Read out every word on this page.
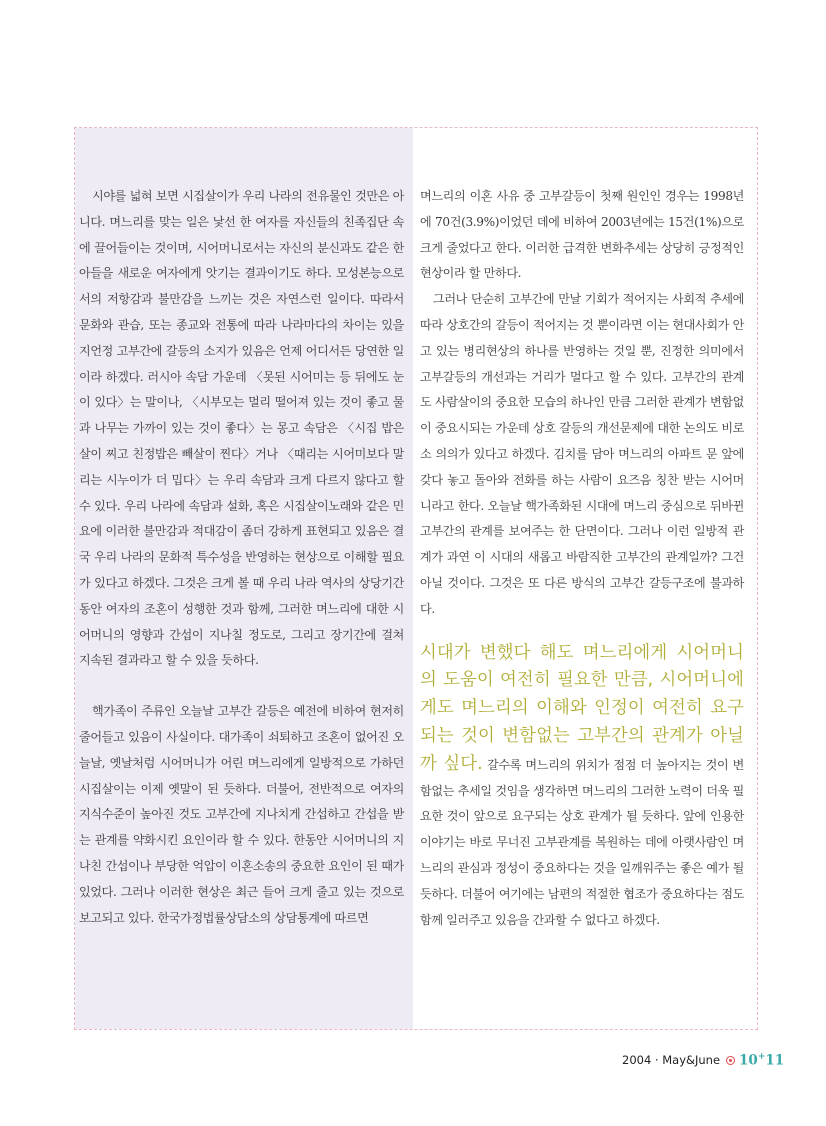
시야를 넓혀 보면 시집살이가 우리 나라의 전유물인 것만은 아니다. 며느리를 맞는 일은 낯선 한 여자를 자신들의 친족집단 속에 끌어들이는 것이며, 시어머니로서는 자신의 분신과도 같은 한 아들을 새로운 여자에게 앗기는 결과이기도 하다. 모성본능으로서의 저항감과 불만감을 느끼는 것은 자연스런 일이다. 따라서 문화와 관습, 또는 종교와 전통에 따라 나라마다의 차이는 있을지언정 고부간에 갈등의 소지가 있음은 언제 어디서든 당연한 일이라 하겠다. 러시아 속담 가운데 〈못된 시어미는 등 뒤에도 눈이 있다〉는 말이나, 〈시부모는 멀리 떨어져 있는 것이 좋고 물과 나무는 가까이 있는 것이 좋다〉는 몽고 속담은 〈시집 밥은 살이 찌고 친정밥은 빼살이 찐다〉거나 〈때리는 시어미보다 말리는 시누이가 더 밉다〉는 우리 속담과 크게 다르지 않다고 할 수 있다. 우리 나라에 속담과 설화, 혹은 시집살이노래와 같은 민요에 이러한 불만감과 적대감이 좀더 강하게 표현되고 있음은 결국 우리 나라의 문화적 특수성을 반영하는 현상으로 이해할 필요가 있다고 하겠다. 그것은 크게 볼 때 우리 나라 역사의 상당기간 동안 여자의 조혼이 성행한 것과 함께, 그러한 며느리에 대한 시어머니의 영향과 간섭이 지나칠 정도로, 그리고 장기간에 걸쳐 지속된 결과라고 할 수 있을 듯하다.

핵가족이 주류인 오늘날 고부간 갈등은 예전에 비하여 현저히 줄어들고 있음이 사실이다. 대가족이 쇠퇴하고 조혼이 없어진 오늘날, 옛날처럼 시어머니가 어린 며느리에게 일방적으로 가하던 시집살이는 이제 옛말이 된 듯하다. 더불어, 전반적으로 여자의 지식수준이 높아진 것도 고부간에 지나치게 간섭하고 간섭을 받는 관계를 약화시킨 요인이라 할 수 있다. 한동안 시어머니의 지나친 간섭이나 부당한 억압이 이혼소송의 중요한 요인이 된 때가 있었다. 그러나 이러한 현상은 최근 들어 크게 줄고 있는 것으로 보고되고 있다. 한국가정법률상담소의 상담통계에 따르면

며느리의 이혼 사유 중 고부갈등이 첫째 원인인 경우는 1998년에 70건(3.9%)이었던 데에 비하여 2003년에는 15건(1%)으로 크게 줄었다고 한다. 이러한 급격한 변화추세는 상당히 긍정적인 현상이라 할 만하다.

그러나 단순히 고부간에 만날 기회가 적어지는 사회적 추세에 따라 상호간의 갈등이 적어지는 것 뿐이라면 이는 현대사회가 안고 있는 병리현상의 하나를 반영하는 것일 뿐, 진정한 의미에서 고부갈등의 개선과는 거리가 멀다고 할 수 있다. 고부간의 관계도 사람살이의 중요한 모습의 하나인 만큼 그러한 관계가 변함없이 중요시되는 가운데 상호 갈등의 개선문제에 대한 논의도 비로소 의의가 있다고 하겠다. 김치를 담아 며느리의 아파트 문 앞에 갖다 놓고 돌아와 전화를 하는 사람이 요즈음 칭찬 받는 시어머니라고 한다. 오늘날 핵가족화된 시대에 며느리 중심으로 뒤바뀐 고부간의 관계를 보여주는 한 단면이다. 그러나 이런 일방적 관계가 과연 이 시대의 새롭고 바람직한 고부간의 관계일까? 그건 아닐 것이다. 그것은 또 다른 방식의 고부간 갈등구조에 불과하다.

시대가 변했다 해도 며느리에게 시어머니의 도움이 여전히 필요한 만큼, 시어머니에게도 며느리의 이해와 인정이 여전히 요구되는 것이 변함없는 고부간의 관계가 아닐까 싶다. 갈수록 며느리의 위치가 점점 더 높아지는 것이 변함없는 추세일 것임을 생각하면 며느리의 그러한 노력이 더욱 필요한 것이 앞으로 요구되는 상호 관계가 될 듯하다. 앞에 인용한 이야기는 바로 무너진 고부관계를 복원하는 데에 아랫사람인 며느리의 관심과 정성이 중요하다는 것을 일깨워주는 좋은 예가 될 듯하다. 더불어 여기에는 남편의 적절한 협조가 중요하다는 점도 함께 일러주고 있음을 간과할 수 없다고 하겠다.

2004 · May&June 10+11
